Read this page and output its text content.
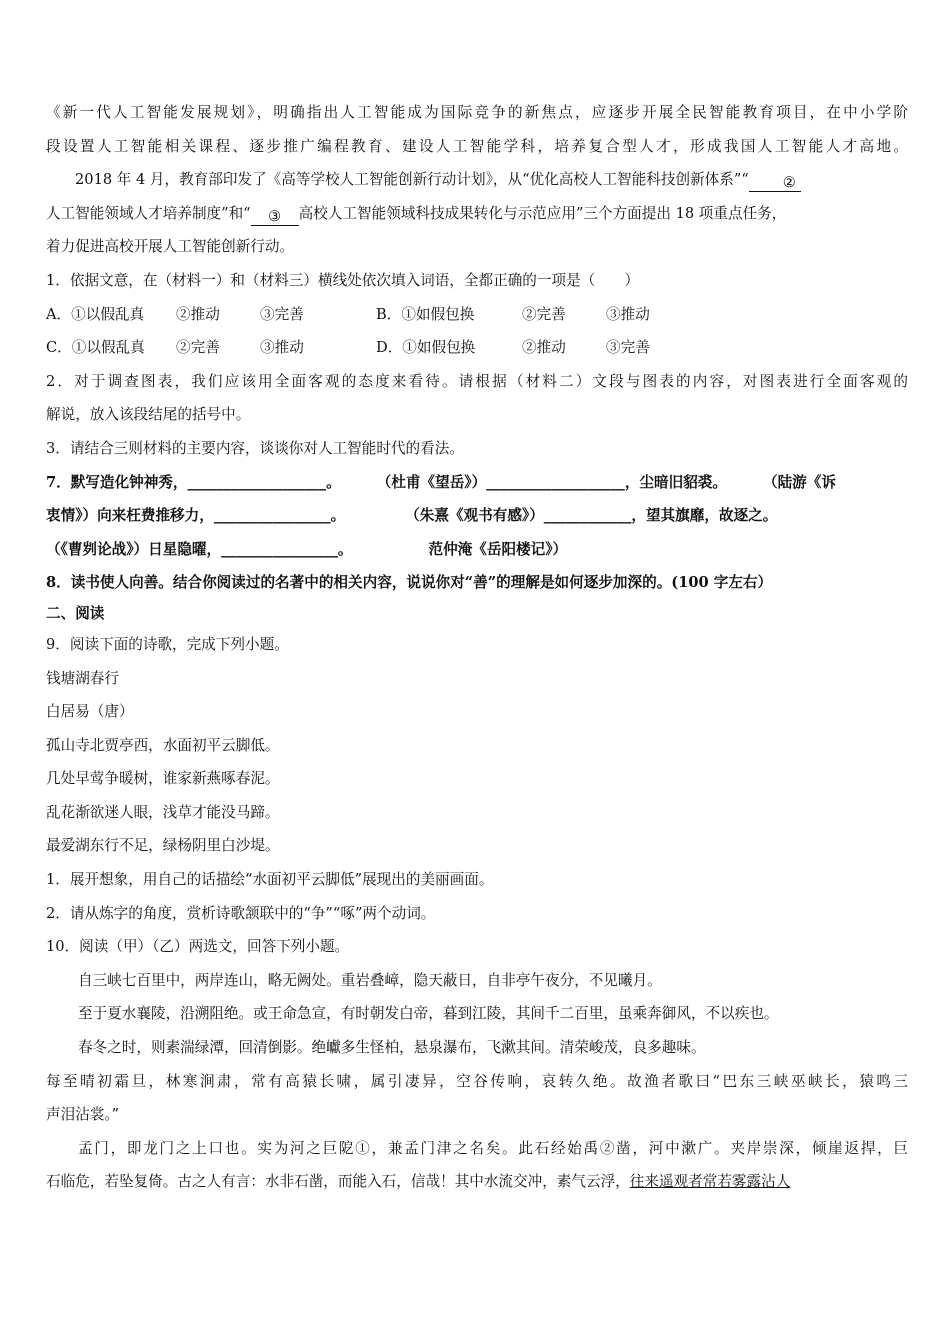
《新一代人工智能发展规划》，明确指出人工智能成为国际竞争的新焦点，应逐步开展全民智能教育项目，在中小学阶
段设置人工智能相关课程、逐步推广编程教育、建设人工智能学科，培养复合型人才，形成我国人工智能人才高地。
2018 年 4 月，教育部印发了《高等学校人工智能创新行动计划》，从“优化高校人工智能科技创新体系”“ ②
人工智能领域人才培养制度”和“ ③ 高校人工智能领域科技成果转化与示范应用”三个方面提出 18 项重点任务，
着力促进高校开展人工智能创新行动。
1．依据文意，在（材料一）和（材料三）横线处依次填入词语，全都正确的一项是（　　）
A．①以假乱真 ②推动	③完善	B．①如假包换	②完善	③推动
C．①以假乱真 ②完善	③推动	D．①如假包换	②推动	③完善
2．对于调查图表，我们应该用全面客观的态度来看待。请根据（材料二）文段与图表的内容，对图表进行全面客观的
解说，放入该段结尾的括号中。
3．请结合三则材料的主要内容，谈谈你对人工智能时代的看法。
7．默写造化钟神秀，___________________。 （杜甫《望岳》）___________________，尘暗旧貂裘。 （陆游《诉
衷情》）向来枉费推移力，________________。	（朱熹《观书有感》）____________，望其旗靡，故逐之。
（《曹刿论战》）日星隐曜，________________。	范仲淹《岳阳楼记》）
8．读书使人向善。结合你阅读过的名著中的相关内容，说说你对“善”的理解是如何逐步加深的。(100 字左右）
二、阅读
9．阅读下面的诗歌，完成下列小题。
钱塘湖春行
白居易（唐）
孤山寺北贾亭西，水面初平云脚低。
几处早莺争暖树，谁家新燕啄春泥。
乱花渐欲迷人眼，浅草才能没马蹄。
最爱湖东行不足，绿杨阴里白沙堤。
1．展开想象，用自己的话描绘“水面初平云脚低”展现出的美丽画面。
2．请从炼字的角度，赏析诗歌颔联中的“争”“啄”两个动词。
10．阅读（甲）（乙）两选文，回答下列小题。
自三峡七百里中，两岸连山，略无阙处。重岩叠嶂，隐天蔽日，自非亭午夜分，不见曦月。
至于夏水襄陵，沿溯阻绝。或王命急宣，有时朝发白帝，暮到江陵，其间千二百里，虽乘奔御风，不以疾也。
春冬之时，则素湍绿潭，回清倒影。绝巘多生怪柏，悬泉瀑布，飞漱其间。清荣峻茂，良多趣味。
每至晴初霜旦，林寒涧肃，常有高猿长啸，属引凄异，空谷传响，哀转久绝。故渔者歌曰“巴东三峡巫峡长，猿鸣三
声泪沾裳。”
孟门，即龙门之上口也。实为河之巨阸①，兼孟门津之名矣。此石经始禹②凿，河中漱广。夹岸崇深，倾崖返捍，巨
石临危，若坠复倚。古之人有言：水非石凿，而能入石，信哉！其中水流交冲，素气云浮，往来遥观者常若雾露沾人
